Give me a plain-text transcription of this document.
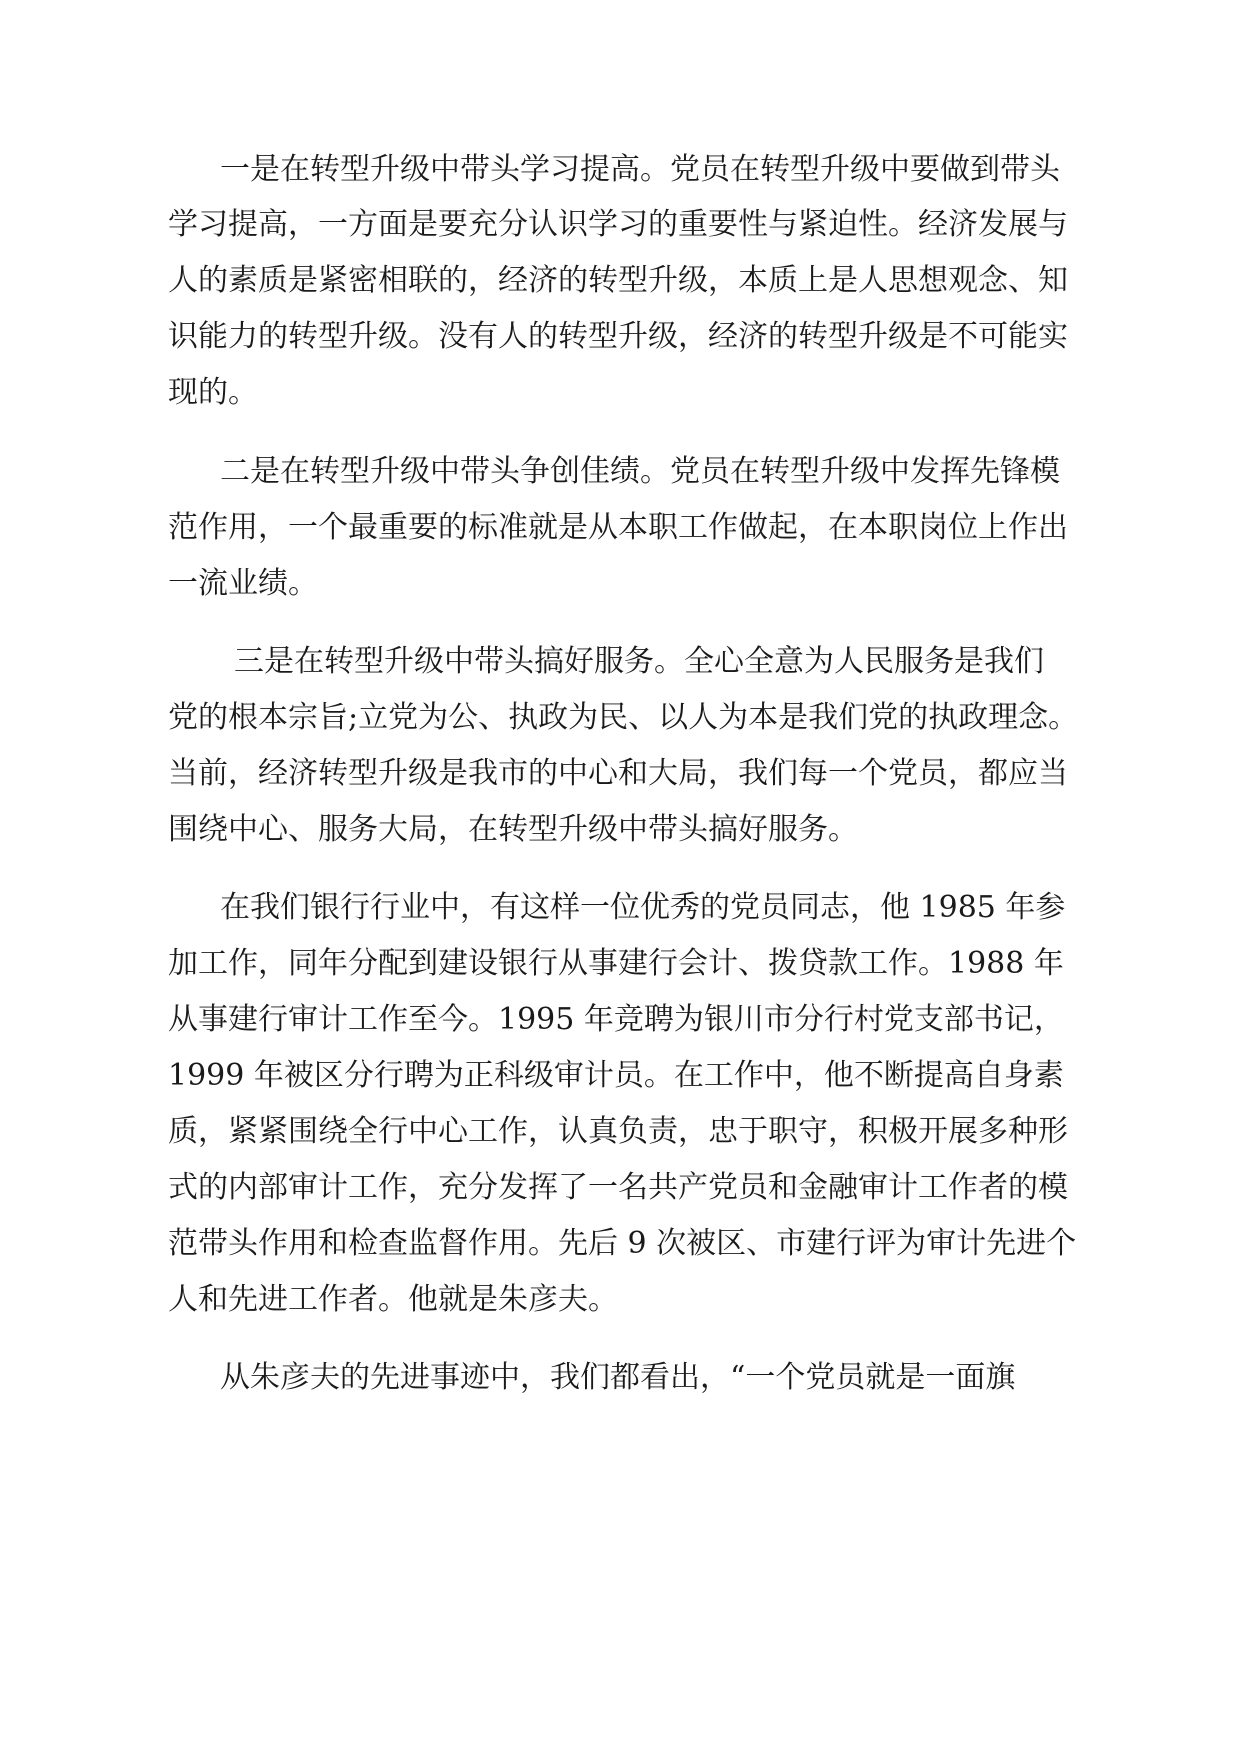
一是在转型升级中带头学习提高。党员在转型升级中要做到带头
学习提高，一方面是要充分认识学习的重要性与紧迫性。经济发展与
人的素质是紧密相联的，经济的转型升级，本质上是人思想观念、知
识能力的转型升级。没有人的转型升级，经济的转型升级是不可能实
现的。
二是在转型升级中带头争创佳绩。党员在转型升级中发挥先锋模
范作用，一个最重要的标准就是从本职工作做起，在本职岗位上作出
一流业绩。
三是在转型升级中带头搞好服务。全心全意为人民服务是我们
党的根本宗旨;立党为公、执政为民、以人为本是我们党的执政理念。
当前，经济转型升级是我市的中心和大局，我们每一个党员，都应当
围绕中心、服务大局，在转型升级中带头搞好服务。
在我们银行行业中，有这样一位优秀的党员同志，他 1985 年参
加工作，同年分配到建设银行从事建行会计、拨贷款工作。1988 年
从事建行审计工作至今。1995 年竞聘为银川市分行村党支部书记，
1999 年被区分行聘为正科级审计员。在工作中，他不断提高自身素
质，紧紧围绕全行中心工作，认真负责，忠于职守，积极开展多种形
式的内部审计工作，充分发挥了一名共产党员和金融审计工作者的模
范带头作用和检查监督作用。先后 9 次被区、市建行评为审计先进个
人和先进工作者。他就是朱彦夫。
从朱彦夫的先进事迹中，我们都看出，“一个党员就是一面旗
